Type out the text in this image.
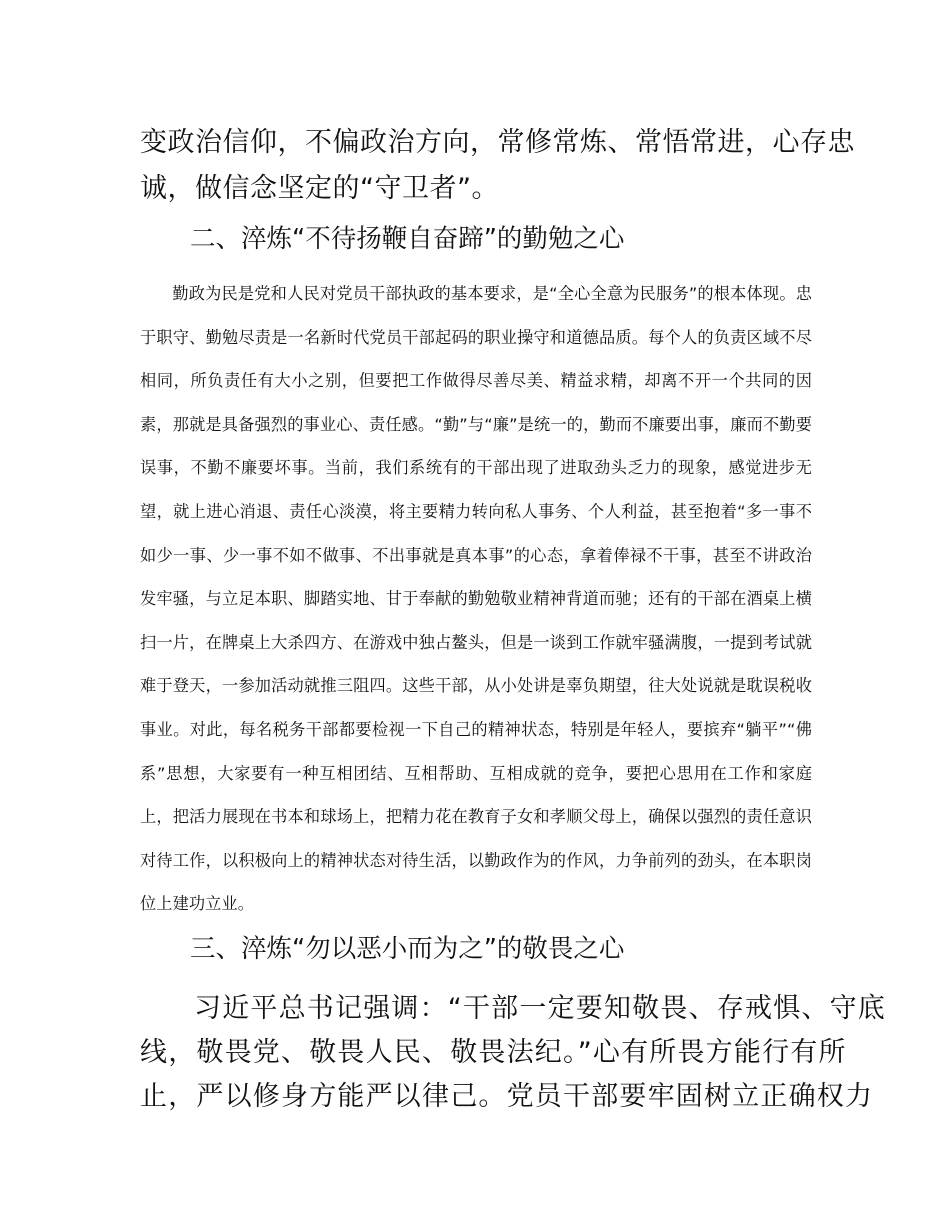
变政治信仰，不偏政治方向，常修常炼、常悟常进，心存忠

诚，做信念坚定的“守卫者”。

二、淬炼“不待扬鞭自奋蹄”的勤勉之心

勤政为民是党和人民对党员干部执政的基本要求，是“全心全意为民服务”的根本体现。忠于职守、勤勉尽责是一名新时代党员干部起码的职业操守和道德品质。每个人的负责区域不尽相同，所负责任有大小之别，但要把工作做得尽善尽美、精益求精，却离不开一个共同的因素，那就是具备强烈的事业心、责任感。“勤”与“廉”是统一的，勤而不廉要出事，廉而不勤要误事，不勤不廉要坏事。当前，我们系统有的干部出现了进取劲头乏力的现象，感觉进步无望，就上进心消退、责任心淡漠，将主要精力转向私人事务、个人利益，甚至抱着“多一事不如少一事、少一事不如不做事、不出事就是真本事”的心态，拿着俸禄不干事，甚至不讲政治发牢骚，与立足本职、脚踏实地、甘于奉献的勤勉敬业精神背道而驰；还有的干部在酒桌上横扫一片，在牌桌上大杀四方、在游戏中独占鳌头，但是一谈到工作就牢骚满腹，一提到考试就难于登天，一参加活动就推三阻四。这些干部，从小处讲是辜负期望，往大处说就是耽误税收事业。对此，每名税务干部都要检视一下自己的精神状态，特别是年轻人，要摈弃“躺平”“佛系”思想，大家要有一种互相团结、互相帮助、互相成就的竞争，要把心思用在工作和家庭上，把活力展现在书本和球场上，把精力花在教育子女和孝顺父母上，确保以强烈的责任意识对待工作，以积极向上的精神状态对待生活，以勤政作为的作风，力争前列的劲头，在本职岗位上建功立业。

三、淬炼“勿以恶小而为之”的敬畏之心

习近平总书记强调：“干部一定要知敬畏、存戒惧、守底

线，敬畏党、敬畏人民、敬畏法纪。”心有所畏方能行有所

止，严以修身方能严以律己。党员干部要牢固树立正确权力
